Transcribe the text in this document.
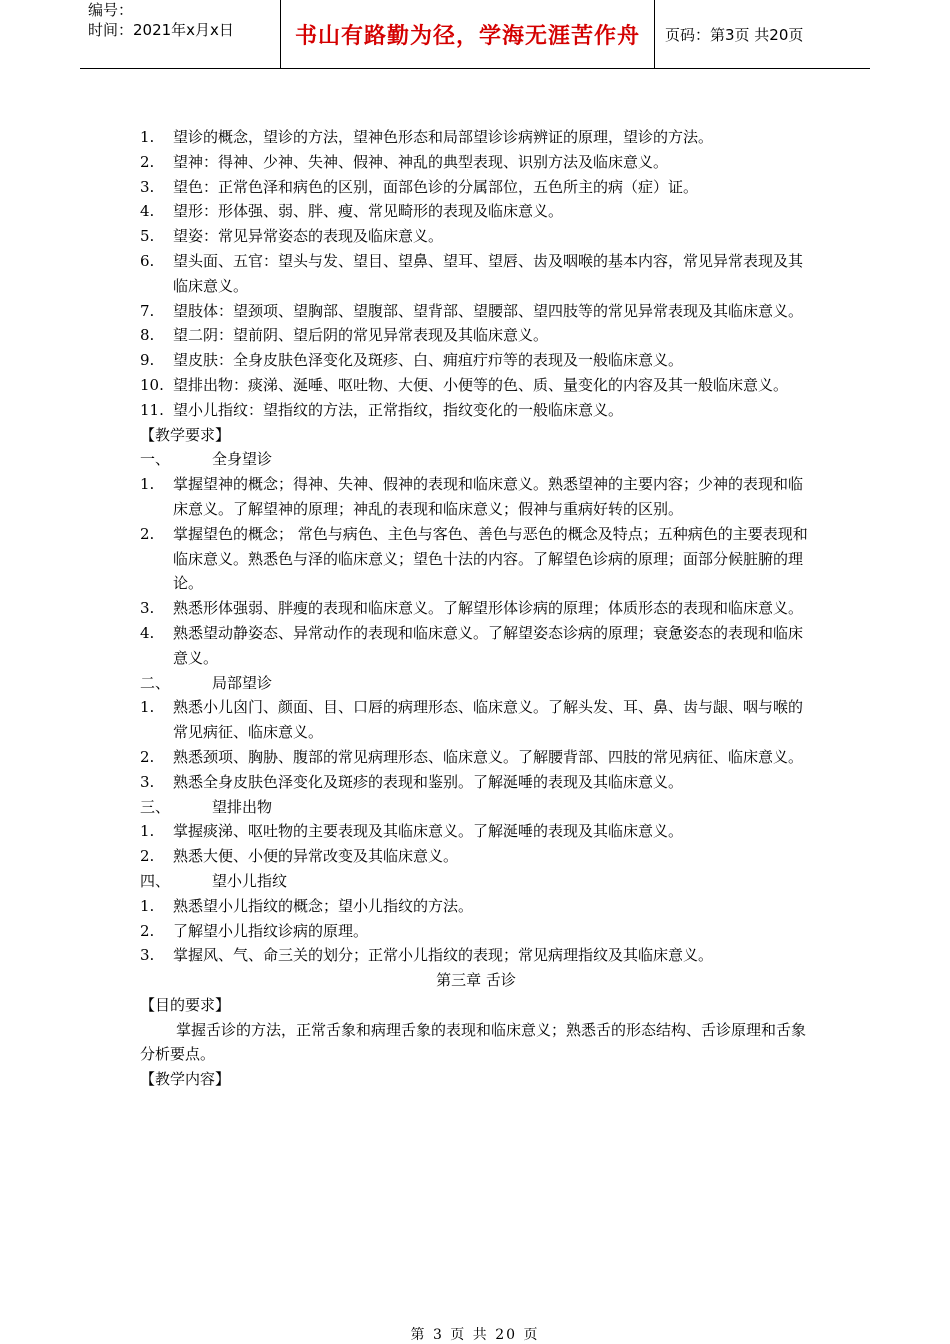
编号：
时间：2021年x月x日	书山有路勤为径，学海无涯苦作舟	页码：第3页 共20页
1. 望诊的概念，望诊的方法，望神色形态和局部望诊诊病辨证的原理，望诊的方法。
2. 望神：得神、少神、失神、假神、神乱的典型表现、识别方法及临床意义。
3. 望色：正常色泽和病色的区别，面部色诊的分属部位，五色所主的病（症）证。
4. 望形：形体强、弱、胖、瘦、常见畸形的表现及临床意义。
5. 望姿：常见异常姿态的表现及临床意义。
6. 望头面、五官：望头与发、望目、望鼻、望耳、望唇、齿及咽喉的基本内容，常见异常表现及其临床意义。
7. 望肢体：望颈项、望胸部、望腹部、望背部、望腰部、望四肢等的常见异常表现及其临床意义。
8. 望二阴：望前阴、望后阴的常见异常表现及其临床意义。
9. 望皮肤：全身皮肤色泽变化及斑疹、白、痈疽疔疖等的表现及一般临床意义。
10. 望排出物：痰涕、涎唾、呕吐物、大便、小便等的色、质、量变化的内容及其一般临床意义。
11. 望小儿指纹：望指纹的方法，正常指纹，指纹变化的一般临床意义。
【教学要求】
一、	全身望诊
1. 掌握望神的概念；得神、失神、假神的表现和临床意义。熟悉望神的主要内容；少神的表现和临床意义。了解望神的原理；神乱的表现和临床意义；假神与重病好转的区别。
2. 掌握望色的概念； 常色与病色、主色与客色、善色与恶色的概念及特点；五种病色的主要表现和临床意义。熟悉色与泽的临床意义；望色十法的内容。了解望色诊病的原理；面部分候脏腑的理论。
3. 熟悉形体强弱、胖瘦的表现和临床意义。了解望形体诊病的原理；体质形态的表现和临床意义。
4. 熟悉望动静姿态、异常动作的表现和临床意义。了解望姿态诊病的原理；衰惫姿态的表现和临床意义。
二、	局部望诊
1. 熟悉小儿囟门、颜面、目、口唇的病理形态、临床意义。了解头发、耳、鼻、齿与龈、咽与喉的常见病征、临床意义。
2. 熟悉颈项、胸胁、腹部的常见病理形态、临床意义。了解腰背部、四肢的常见病征、临床意义。
3. 熟悉全身皮肤色泽变化及斑疹的表现和鉴别。了解涎唾的表现及其临床意义。
三、	望排出物
1. 掌握痰涕、呕吐物的主要表现及其临床意义。了解涎唾的表现及其临床意义。
2. 熟悉大便、小便的异常改变及其临床意义。
四、	望小儿指纹
1. 熟悉望小儿指纹的概念；望小儿指纹的方法。
2. 了解望小儿指纹诊病的原理。
3. 掌握风、气、命三关的划分；正常小儿指纹的表现；常见病理指纹及其临床意义。
第三章 舌诊
【目的要求】
掌握舌诊的方法，正常舌象和病理舌象的表现和临床意义；熟悉舌的形态结构、舌诊原理和舌象分析要点。
【教学内容】
第 3 页 共 20 页
